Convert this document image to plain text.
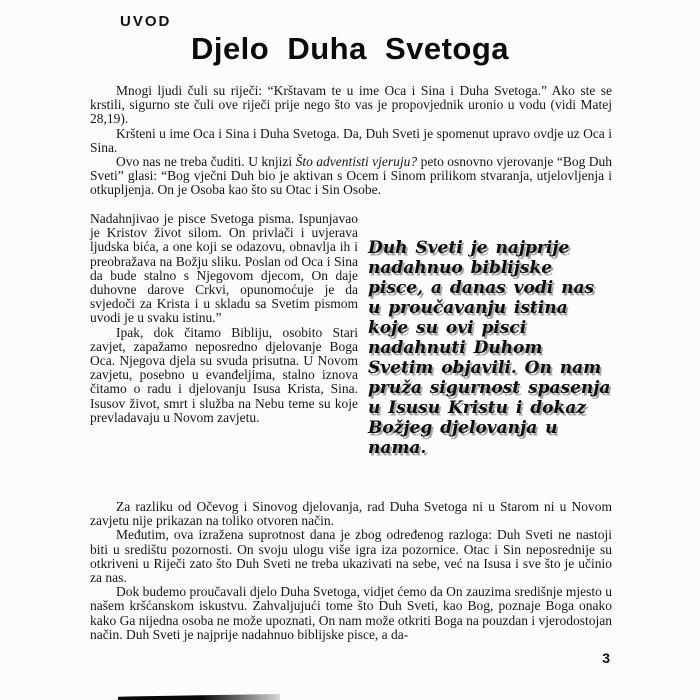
UVOD
Djelo Duha Svetoga

Mnogi ljudi čuli su riječi: “Krštavam te u ime Oca i Sina i Duha Svetoga.” Ako ste se krstili, sigurno ste čuli ove riječi prije nego što vas je propovjednik uronio u vodu (vidi Matej 28,19).

Kršteni u ime Oca i Sina i Duha Svetoga. Da, Duh Sveti je spomenut upravo ovdje uz Oca i Sina.

Ovo nas ne treba čuditi. U knjizi Što adventisti vjeruju? peto osnovno vjerovanje “Bog Duh Sveti” glasi: “Bog vječni Duh bio je aktivan s Ocem i Sinom prilikom stvaranja, utjelovljenja i otkupljenja. On je Osoba kao što su Otac i Sin Osobe.

Nadahnjivao je pisce Svetoga pisma. Ispunjavao je Kristov život silom. On privlači i uvjerava ljudska bića, a one koji se odazovu, obnavlja ih i preobražava na Božju sliku. Poslan od Oca i Sina da bude stalno s Njegovom djecom, On daje duhovne darove Crkvi, opunomoćuje je da svjedoči za Krista i u skladu sa Svetim pismom uvodi je u svaku istinu.”

Ipak, dok čitamo Bibliju, osobito Stari zavjet, zapažamo neposredno djelovanje Boga Oca. Njegova djela su svuda prisutna. U Novom zavjetu, posebno u evanđeljima, stalno iznova čitamo o radu i djelovanju Isusa Krista, Sina. Isusov život, smrt i služba na Nebu teme su koje prevladavaju u Novom zavjetu.

Duh Sveti je najprije nadahnuo biblijske pisce, a danas vodi nas u proučavanju istina koje su ovi pisci nadahnuti Duhom Svetim objavili. On nam pruža sigurnost spasenja u Isusu Kristu i dokaz Božjeg djelovanja u nama.

Za razliku od Očevog i Sinovog djelovanja, rad Duha Svetoga ni u Starom ni u Novom zavjetu nije prikazan na toliko otvoren način.

Međutim, ova izražena suprotnost dana je zbog određenog razloga: Duh Sveti ne nastoji biti u središtu pozornosti. On svoju ulogu više igra iza pozornice. Otac i Sin neposrednije su otkriveni u Riječi zato što Duh Sveti ne treba ukazivati na sebe, već na Isusa i sve što je učinio za nas.

Dok budemo proučavali djelo Duha Svetoga, vidjet ćemo da On zauzima središnje mjesto u našem kršćanskom iskustvu. Zahvaljujući tome što Duh Sveti, kao Bog, poznaje Boga onako kako Ga nijedna osoba ne može upoznati, On nam može otkriti Boga na pouzdan i vjerodostojan način. Duh Sveti je najprije nadahnuo biblijske pisce, a da-

3
